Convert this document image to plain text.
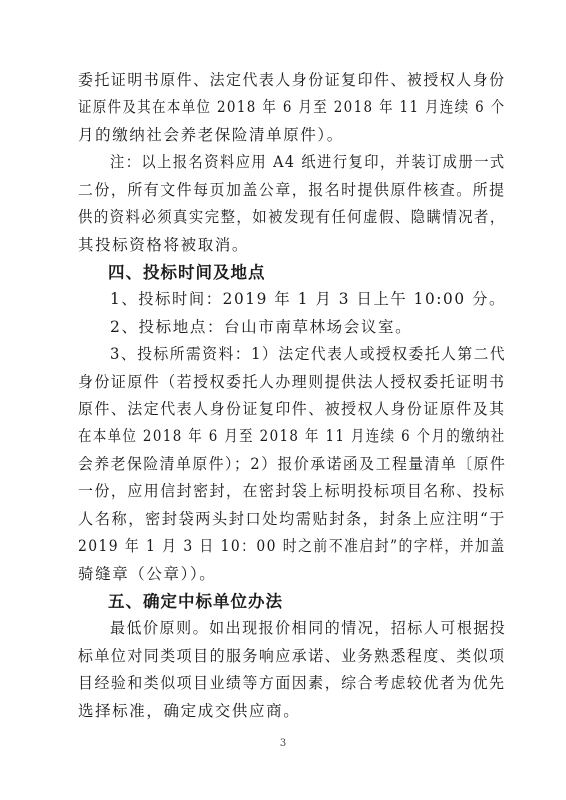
委托证明书原件、法定代表人身份证复印件、被授权人身份
证原件及其在本单位 2018 年 6 月至 2018 年 11 月连续 6 个
月的缴纳社会养老保险清单原件）。
注：以上报名资料应用 A4 纸进行复印，并装订成册一式
二份，所有文件每页加盖公章，报名时提供原件核查。所提
供的资料必须真实完整，如被发现有任何虚假、隐瞒情况者，
其投标资格将被取消。
四、投标时间及地点
1、投标时间：2019 年 1 月 3 日上午 10:00 分。
2、投标地点：台山市南草林场会议室。
3、投标所需资料：1）法定代表人或授权委托人第二代
身份证原件（若授权委托人办理则提供法人授权委托证明书
原件、法定代表人身份证复印件、被授权人身份证原件及其
在本单位 2018 年 6 月至 2018 年 11 月连续 6 个月的缴纳社
会养老保险清单原件）；2）报价承诺函及工程量清单〔原件
一份，应用信封密封，在密封袋上标明投标项目名称、投标
人名称，密封袋两头封口处均需贴封条，封条上应注明“于
2019 年 1 月 3 日 10：00 时之前不准启封”的字样，并加盖
骑缝章（公章））。
五、确定中标单位办法
最低价原则。如出现报价相同的情况，招标人可根据投
标单位对同类项目的服务响应承诺、业务熟悉程度、类似项
目经验和类似项目业绩等方面因素，综合考虑较优者为优先
选择标准，确定成交供应商。
3
